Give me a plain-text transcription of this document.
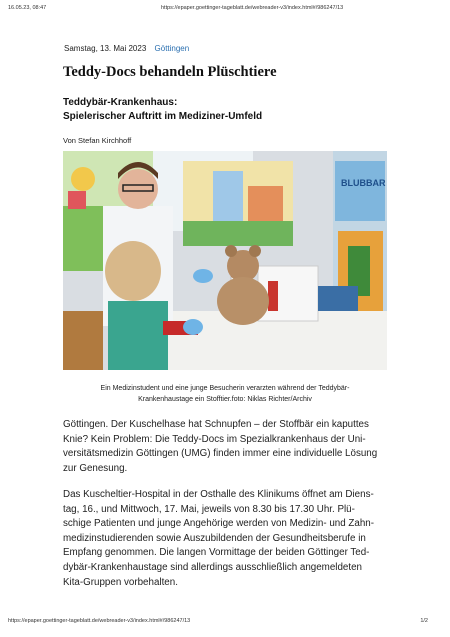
16.05.23, 08:47	https://epaper.goettinger-tageblatt.de/webreader-v3/index.html#/986247/13
Samstag, 13. Mai 2023 Göttingen
Teddy-Docs behandeln Plüschtiere
Teddybär-Krankenhaus:
Spielerischer Auftritt im Mediziner-Umfeld
Von Stefan Kirchhoff
BLUBBAR
Ein Medizinstudent und eine junge Besucherin verarzten während der Teddybär-
Krankenhaustage ein Stofftier.foto: Niklas Richter/Archiv
Göttingen. Der Kuschelhase hat Schnupfen – der Stoffbär ein kaputtes
Knie? Kein Problem: Die Teddy-Docs im Spezialkrankenhaus der Uni-
versitätsmedizin Göttingen (UMG) finden immer eine individuelle Lösung
zur Genesung.
Das Kuscheltier-Hospital in der Osthalle des Klinikums öffnet am Diens-
tag, 16., und Mittwoch, 17. Mai, jeweils von 8.30 bis 17.30 Uhr. Plü-
schige Patienten und junge Angehörige werden von Medizin- und Zahn-
medizinstudierenden sowie Auszubildenden der Gesundheitsberufe in
Empfang genommen. Die langen Vormittage der beiden Göttinger Ted-
dybär-Krankenhaustage sind allerdings ausschließlich angemeldeten
Kita-Gruppen vorbehalten.
https://epaper.goettinger-tageblatt.de/webreader-v3/index.html#/986247/13	1/2
